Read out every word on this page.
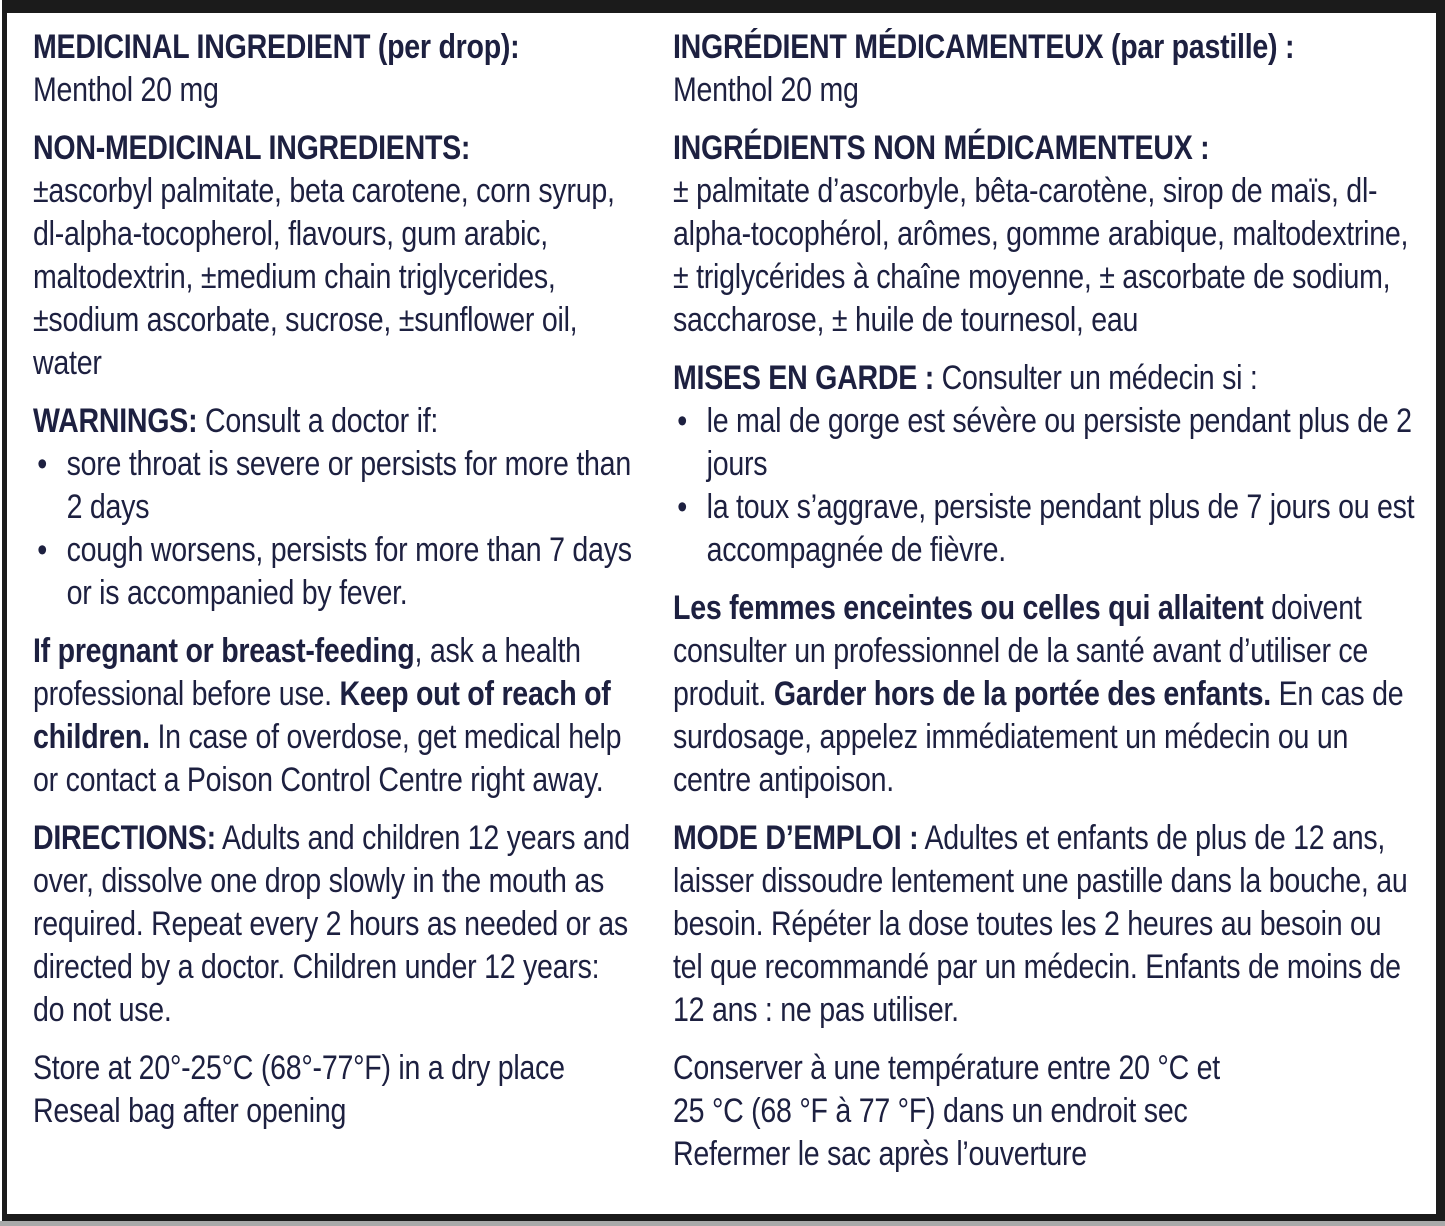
MEDICINAL INGREDIENT (per drop):
Menthol 20 mg
NON-MEDICINAL INGREDIENTS:
±ascorbyl palmitate, beta carotene, corn syrup, dl-alpha-tocopherol, flavours, gum arabic, maltodextrin, ±medium chain triglycerides, ±sodium ascorbate, sucrose, ±sunflower oil, water
WARNINGS: Consult a doctor if:
• sore throat is severe or persists for more than 2 days
• cough worsens, persists for more than 7 days or is accompanied by fever.
If pregnant or breast-feeding, ask a health professional before use. Keep out of reach of children. In case of overdose, get medical help or contact a Poison Control Centre right away.
DIRECTIONS: Adults and children 12 years and over, dissolve one drop slowly in the mouth as required. Repeat every 2 hours as needed or as directed by a doctor. Children under 12 years: do not use.
Store at 20°-25°C (68°-77°F) in a dry place
Reseal bag after opening
INGRÉDIENT MÉDICAMENTEUX (par pastille) :
Menthol 20 mg
INGRÉDIENTS NON MÉDICAMENTEUX :
± palmitate d’ascorbyle, bêta-carotène, sirop de maïs, dl-alpha-tocophérol, arômes, gomme arabique, maltodextrine, ± triglycérides à chaîne moyenne, ± ascorbate de sodium, saccharose, ± huile de tournesol, eau
MISES EN GARDE : Consulter un médecin si :
• le mal de gorge est sévère ou persiste pendant plus de 2 jours
• la toux s’aggrave, persiste pendant plus de 7 jours ou est accompagnée de fièvre.
Les femmes enceintes ou celles qui allaitent doivent consulter un professionnel de la santé avant d’utiliser ce produit. Garder hors de la portée des enfants. En cas de surdosage, appelez immédiatement un médecin ou un centre antipoison.
MODE D’EMPLOI : Adultes et enfants de plus de 12 ans, laisser dissoudre lentement une pastille dans la bouche, au besoin. Répéter la dose toutes les 2 heures au besoin ou tel que recommandé par un médecin. Enfants de moins de 12 ans : ne pas utiliser.
Conserver à une température entre 20 °C et
25 °C (68 °F à 77 °F) dans un endroit sec
Refermer le sac après l’ouverture
